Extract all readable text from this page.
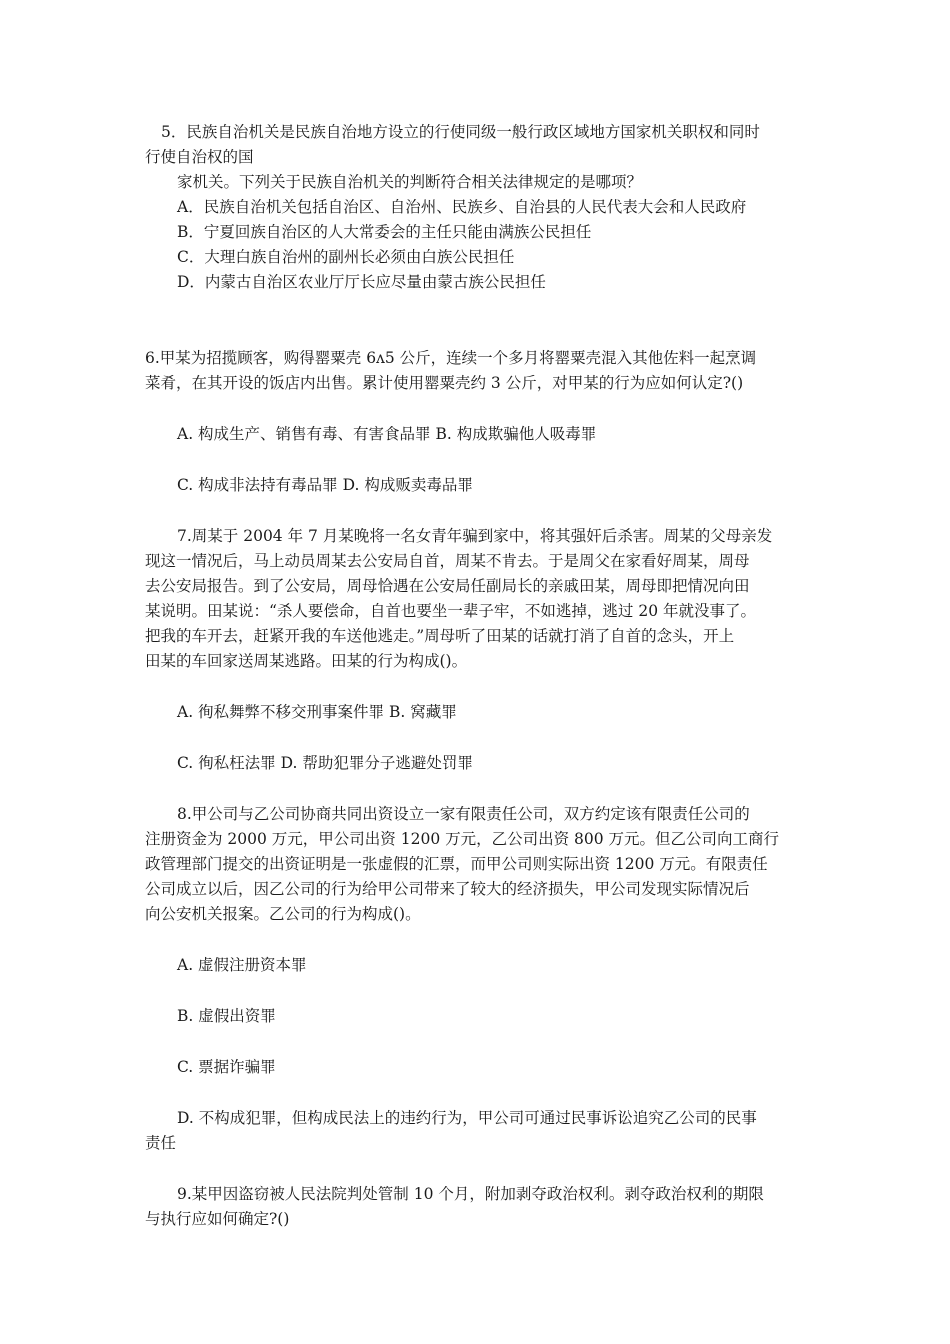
5．民族自治机关是民族自治地方设立的行使同级一般行政区域地方国家机关职权和同时
行使自治权的国
家机关。下列关于民族自治机关的判断符合相关法律规定的是哪项？
A．民族自治机关包括自治区、自治州、民族乡、自治县的人民代表大会和人民政府
B．宁夏回族自治区的人大常委会的主任只能由满族公民担任
C．大理白族自治州的副州长必须由白族公民担任
D．内蒙古自治区农业厅厅长应尽量由蒙古族公民担任
6.甲某为招揽顾客，购得罂粟壳 6ʌ5 公斤，连续一个多月将罂粟壳混入其他佐料一起烹调
菜肴，在其开设的饭店内出售。累计使用罂粟壳约 3 公斤，对甲某的行为应如何认定?()
A. 构成生产、销售有毒、有害食品罪 B. 构成欺骗他人吸毒罪
C. 构成非法持有毒品罪 D. 构成贩卖毒品罪
7.周某于 2004 年 7 月某晚将一名女青年骗到家中，将其强奸后杀害。周某的父母亲发
现这一情况后，马上动员周某去公安局自首，周某不肯去。于是周父在家看好周某，周母
去公安局报告。到了公安局，周母恰遇在公安局任副局长的亲戚田某，周母即把情况向田
某说明。田某说：“杀人要偿命，自首也要坐一辈子牢，不如逃掉，逃过 20 年就没事了。
把我的车开去，赶紧开我的车送他逃走。”周母听了田某的话就打消了自首的念头，开上
田某的车回家送周某逃路。田某的行为构成()。
A. 徇私舞弊不移交刑事案件罪 B. 窝藏罪
C. 徇私枉法罪 D. 帮助犯罪分子逃避处罚罪
8.甲公司与乙公司协商共同出资设立一家有限责任公司，双方约定该有限责任公司的
注册资金为 2000 万元，甲公司出资 1200 万元，乙公司出资 800 万元。但乙公司向工商行
政管理部门提交的出资证明是一张虚假的汇票，而甲公司则实际出资 1200 万元。有限责任
公司成立以后，因乙公司的行为给甲公司带来了较大的经济损失，甲公司发现实际情况后
向公安机关报案。乙公司的行为构成()。
A. 虚假注册资本罪
B. 虚假出资罪
C. 票据诈骗罪
D. 不构成犯罪，但构成民法上的违约行为，甲公司可通过民事诉讼追究乙公司的民事
责任
9.某甲因盗窃被人民法院判处管制 10 个月，附加剥夺政治权利。剥夺政治权利的期限
与执行应如何确定?()
